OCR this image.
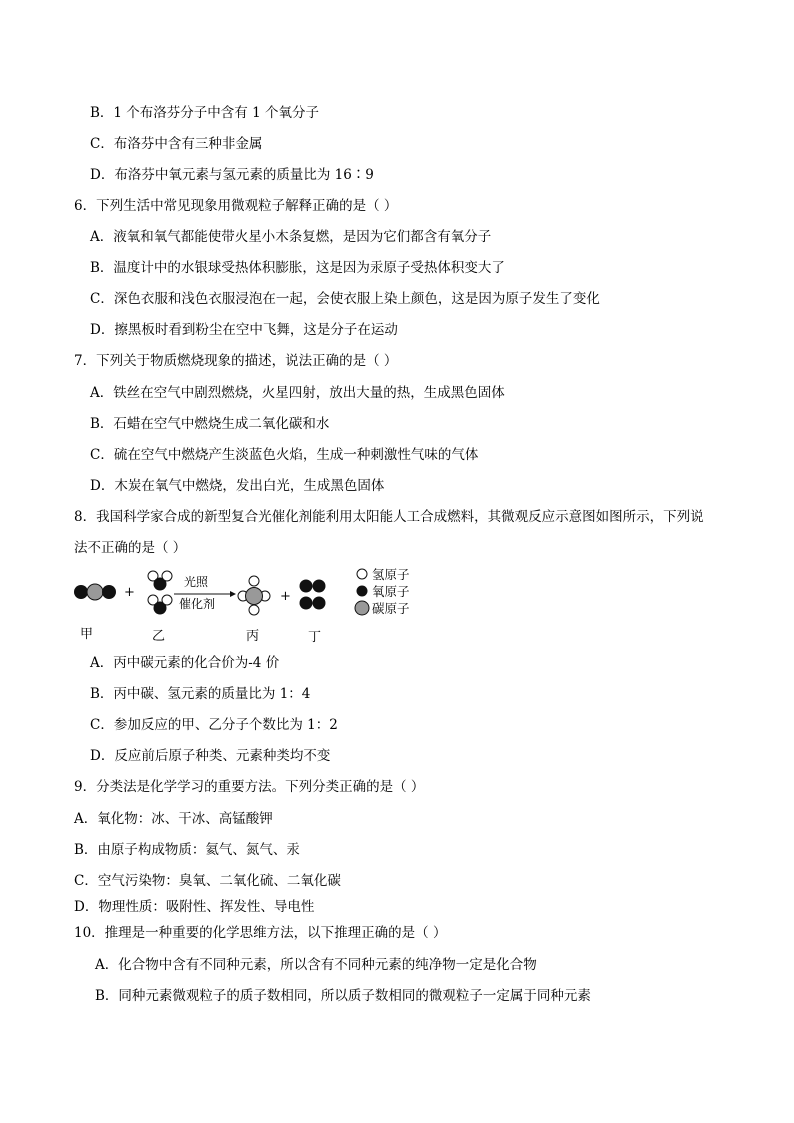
B．1 个布洛芬分子中含有 1 个氧分子
C．布洛芬中含有三种非金属
D．布洛芬中氧元素与氢元素的质量比为 16∶9
6．下列生活中常见现象用微观粒子解释正确的是（ ）
A．液氧和氧气都能使带火星小木条复燃，是因为它们都含有氧分子
B．温度计中的水银球受热体积膨胀，这是因为汞原子受热体积变大了
C．深色衣服和浅色衣服浸泡在一起，会使衣服上染上颜色，这是因为原子发生了变化
D．擦黑板时看到粉尘在空中飞舞，这是分子在运动
7．下列关于物质燃烧现象的描述，说法正确的是（ ）
A．铁丝在空气中剧烈燃烧，火星四射，放出大量的热，生成黑色固体
B．石蜡在空气中燃烧生成二氧化碳和水
C．硫在空气中燃烧产生淡蓝色火焰，生成一种刺激性气味的气体
D．木炭在氧气中燃烧，发出白光，生成黑色固体
8．我国科学家合成的新型复合光催化剂能利用太阳能人工合成燃料，其微观反应示意图如图所示，下列说
法不正确的是（ ）
+
光照
催化剂	+
氢原子
氧原子
碳原子
甲	乙	丙	丁
A．丙中碳元素的化合价为-4 价
B．丙中碳、氢元素的质量比为 1：4
C．参加反应的甲、乙分子个数比为 1：2
D．反应前后原子种类、元素种类均不变
9．分类法是化学学习的重要方法。下列分类正确的是（ ）
A．氧化物：冰、干冰、高锰酸钾
B．由原子构成物质：氦气、氮气、汞
C．空气污染物：臭氧、二氧化硫、二氧化碳
D．物理性质：吸附性、挥发性、导电性
10．推理是一种重要的化学思维方法，以下推理正确的是（ ）
A．化合物中含有不同种元素，所以含有不同种元素的纯净物一定是化合物
B．同种元素微观粒子的质子数相同，所以质子数相同的微观粒子一定属于同种元素
